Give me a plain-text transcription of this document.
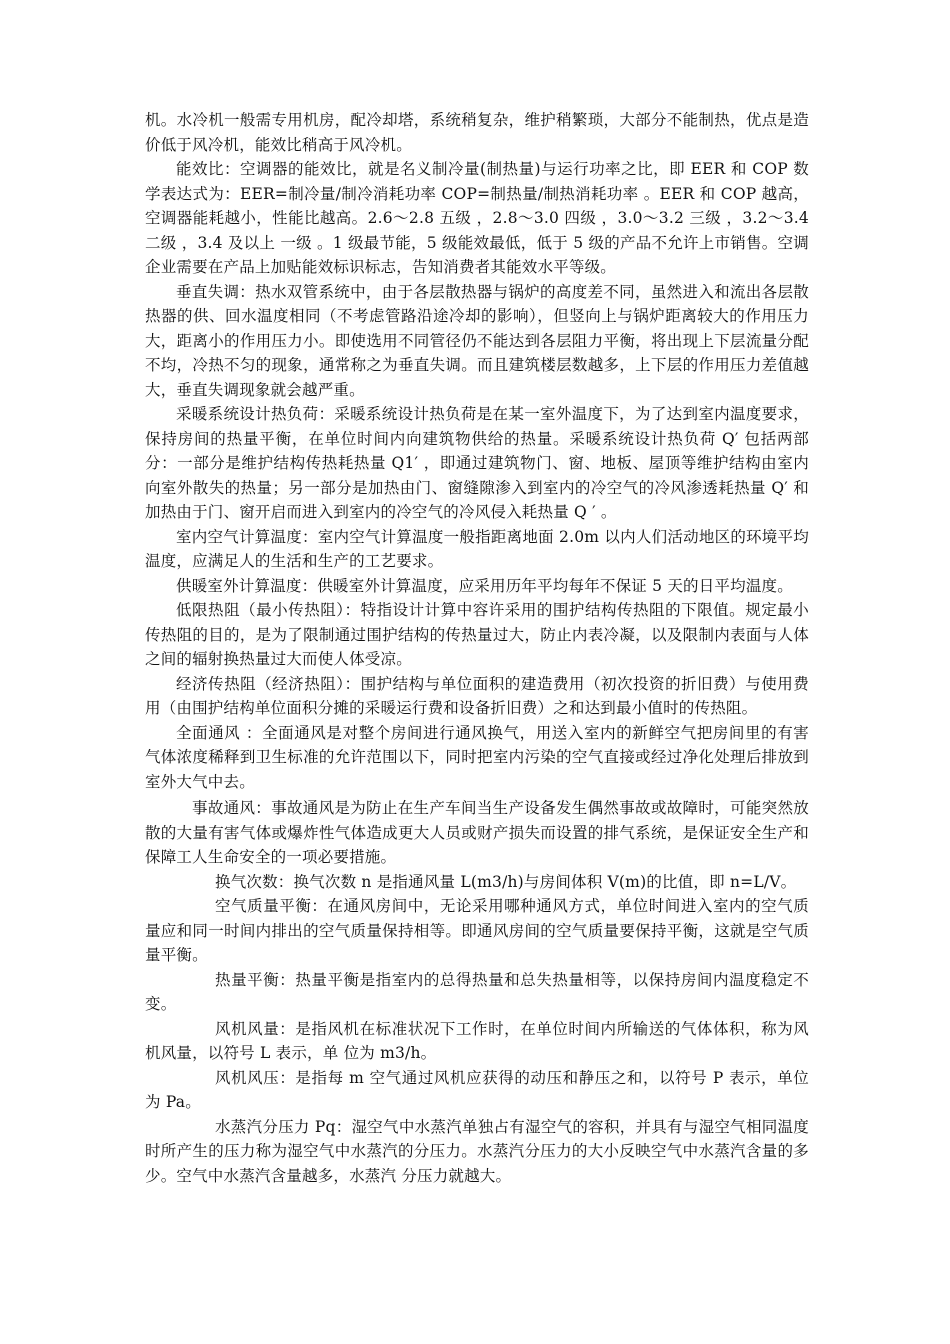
机。水冷机一般需专用机房，配冷却塔，系统稍复杂，维护稍繁琐，大部分不能制热，优点是造价低于风冷机，能效比稍高于风冷机。

能效比：空调器的能效比，就是名义制冷量(制热量)与运行功率之比，即 EER 和 COP 数学表达式为：EER=制冷量/制冷消耗功率 COP=制热量/制热消耗功率 。EER 和 COP 越高，空调器能耗越小，性能比越高。2.6～2.8 五级 ，2.8～3.0 四级 ，3.0～3.2 三级 ，3.2～3.4 二级 ，3.4 及以上 一级 。1 级最节能，5 级能效最低，低于 5 级的产品不允许上市销售。空调企业需要在产品上加贴能效标识标志，告知消费者其能效水平等级。

垂直失调：热水双管系统中，由于各层散热器与锅炉的高度差不同，虽然进入和流出各层散热器的供、回水温度相同（不考虑管路沿途冷却的影响），但竖向上与锅炉距离较大的作用压力大，距离小的作用压力小。即使选用不同管径仍不能达到各层阻力平衡，将出现上下层流量分配不均，冷热不匀的现象，通常称之为垂直失调。而且建筑楼层数越多，上下层的作用压力差值越大，垂直失调现象就会越严重。

采暖系统设计热负荷：采暖系统设计热负荷是在某一室外温度下，为了达到室内温度要求，保持房间的热量平衡，在单位时间内向建筑物供给的热量。采暖系统设计热负荷 Q′ 包括两部分：一部分是维护结构传热耗热量 Q1′ ，即通过建筑物门、窗、地板、屋顶等维护结构由室内向室外散失的热量；另一部分是加热由门、窗缝隙渗入到室内的冷空气的冷风渗透耗热量 Q′ 和加热由于门、窗开启而进入到室内的冷空气的冷风侵入耗热量 Q ′ 。

室内空气计算温度：室内空气计算温度一般指距离地面 2.0m 以内人们活动地区的环境平均温度，应满足人的生活和生产的工艺要求。

供暖室外计算温度：供暖室外计算温度，应采用历年平均每年不保证 5 天的日平均温度。

低限热阻（最小传热阻）：特指设计计算中容许采用的围护结构传热阻的下限值。规定最小传热阻的目的，是为了限制通过围护结构的传热量过大，防止内表冷凝，以及限制内表面与人体之间的辐射换热量过大而使人体受凉。

经济传热阻（经济热阻）：围护结构与单位面积的建造费用（初次投资的折旧费）与使用费用（由围护结构单位面积分摊的采暖运行费和设备折旧费）之和达到最小值时的传热阻。

全面通风 ：全面通风是对整个房间进行通风换气，用送入室内的新鲜空气把房间里的有害气体浓度稀释到卫生标准的允许范围以下，同时把室内污染的空气直接或经过净化处理后排放到室外大气中去。

事故通风：事故通风是为防止在生产车间当生产设备发生偶然事故或故障时，可能突然放散的大量有害气体或爆炸性气体造成更大人员或财产损失而设置的排气系统，是保证安全生产和保障工人生命安全的一项必要措施。

换气次数：换气次数 n 是指通风量 L(m3/h)与房间体积 V(m)的比值，即 n=L/V。

空气质量平衡：在通风房间中，无论采用哪种通风方式，单位时间进入室内的空气质量应和同一时间内排出的空气质量保持相等。即通风房间的空气质量要保持平衡，这就是空气质量平衡。

热量平衡：热量平衡是指室内的总得热量和总失热量相等，以保持房间内温度稳定不变。

风机风量：是指风机在标准状况下工作时，在单位时间内所输送的气体体积，称为风机风量，以符号 L 表示，单 位为 m3/h。

风机风压：是指每 m 空气通过风机应获得的动压和静压之和，以符号 P 表示，单位为 Pa。

水蒸汽分压力 Pq：湿空气中水蒸汽单独占有湿空气的容积，并具有与湿空气相同温度时所产生的压力称为湿空气中水蒸汽的分压力。水蒸汽分压力的大小反映空气中水蒸汽含量的多少。空气中水蒸汽含量越多，水蒸汽 分压力就越大。
